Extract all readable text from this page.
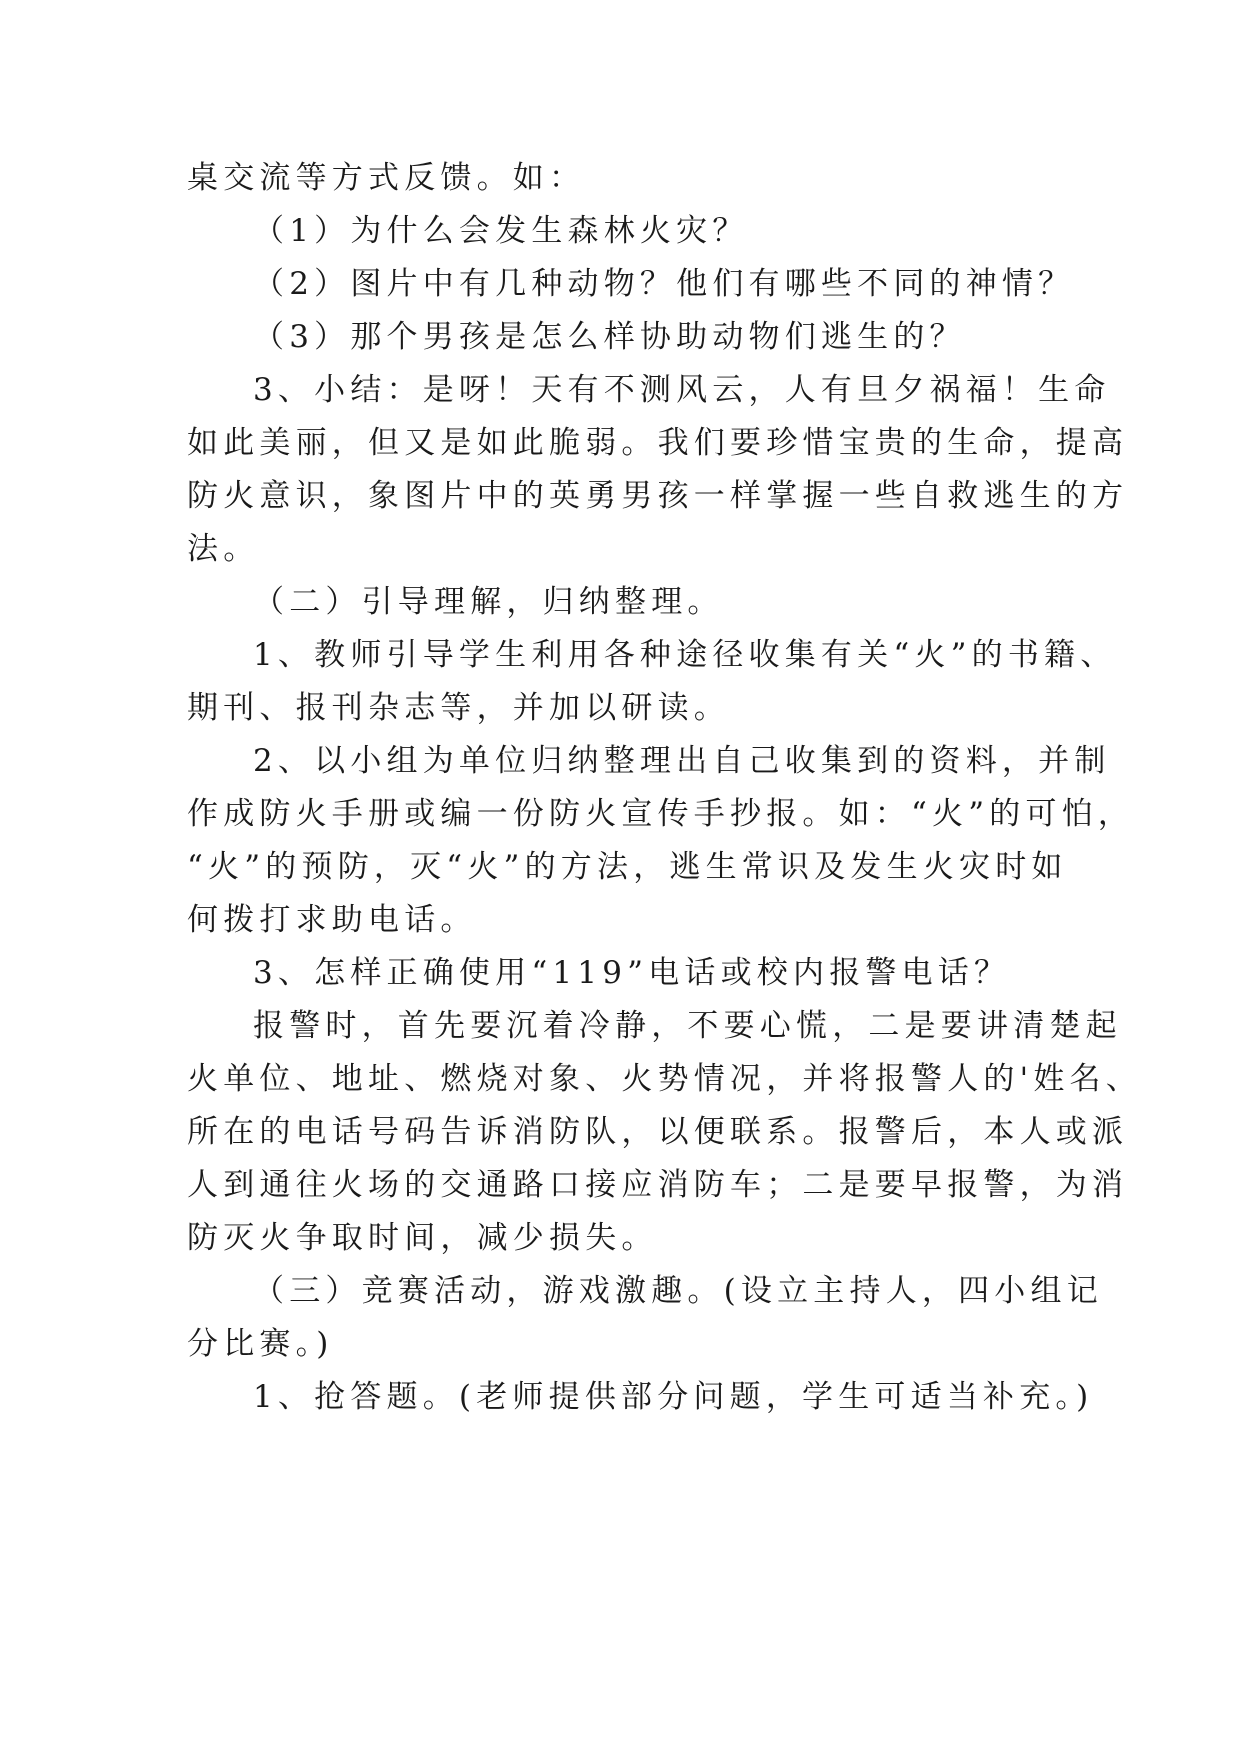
桌交流等方式反馈。如：
（1）为什么会发生森林火灾？
（2）图片中有几种动物？他们有哪些不同的神情？
（3）那个男孩是怎么样协助动物们逃生的？
3、小结：是呀！天有不测风云，人有旦夕祸福！生命
如此美丽，但又是如此脆弱。我们要珍惜宝贵的生命，提高
防火意识，象图片中的英勇男孩一样掌握一些自救逃生的方
法。
（二）引导理解，归纳整理。
1、教师引导学生利用各种途径收集有关“火”的书籍、
期刊、报刊杂志等，并加以研读。
2、以小组为单位归纳整理出自己收集到的资料，并制
作成防火手册或编一份防火宣传手抄报。如：“火”的可怕，
“火”的预防，灭“火”的方法，逃生常识及发生火灾时如
何拨打求助电话。
3、怎样正确使用“119”电话或校内报警电话？
报警时，首先要沉着冷静，不要心慌，二是要讲清楚起
火单位、地址、燃烧对象、火势情况，并将报警人的'姓名、
所在的电话号码告诉消防队，以便联系。报警后，本人或派
人到通往火场的交通路口接应消防车；二是要早报警，为消
防灭火争取时间，减少损失。
（三）竞赛活动，游戏激趣。(设立主持人，四小组记
分比赛。)
1、抢答题。(老师提供部分问题，学生可适当补充。)
